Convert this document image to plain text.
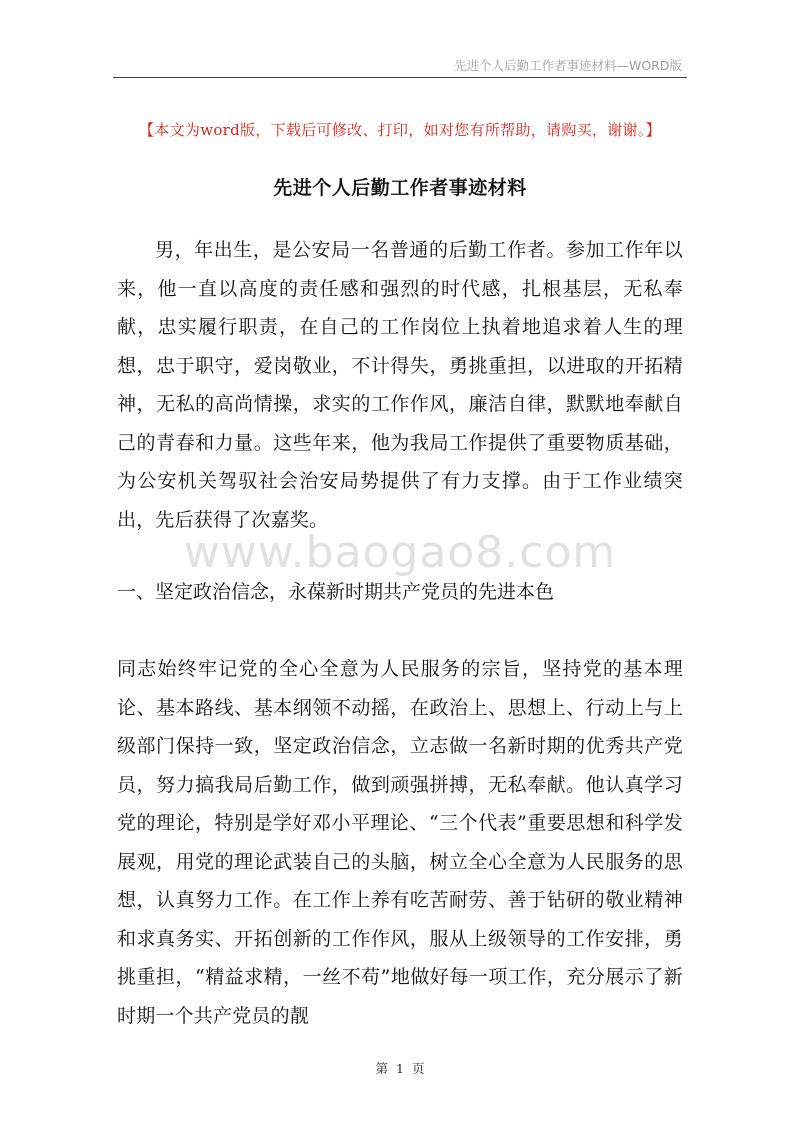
先进个人后勤工作者事迹材料—WORD版
【本文为word版，下载后可修改、打印，如对您有所帮助，请购买，谢谢。】
先进个人后勤工作者事迹材料

男，年出生，是公安局一名普通的后勤工作者。参加工作年以来，他一直以高度的责任感和强烈的时代感，扎根基层，无私奉献，忠实履行职责，在自己的工作岗位上执着地追求着人生的理想，忠于职守，爱岗敬业，不计得失，勇挑重担，以进取的开拓精神，无私的高尚情操，求实的工作作风，廉洁自律，默默地奉献自己的青春和力量。这些年来，他为我局工作提供了重要物质基础，为公安机关驾驭社会治安局势提供了有力支撑。由于工作业绩突出，先后获得了次嘉奖。

www.baogao8.com
一、坚定政治信念，永葆新时期共产党员的先进本色

同志始终牢记党的全心全意为人民服务的宗旨，坚持党的基本理论、基本路线、基本纲领不动摇，在政治上、思想上、行动上与上级部门保持一致，坚定政治信念，立志做一名新时期的优秀共产党员，努力搞我局后勤工作，做到顽强拼搏，无私奉献。他认真学习党的理论，特别是学好邓小平理论、“三个代表”重要思想和科学发展观，用党的理论武装自己的头脑，树立全心全意为人民服务的思想，认真努力工作。在工作上养有吃苦耐劳、善于钻研的敬业精神和求真务实、开拓创新的工作作风，服从上级领导的工作安排，勇挑重担，“精益求精，一丝不苟”地做好每一项工作，充分展示了新时期一个共产党员的靓

第 1 页
